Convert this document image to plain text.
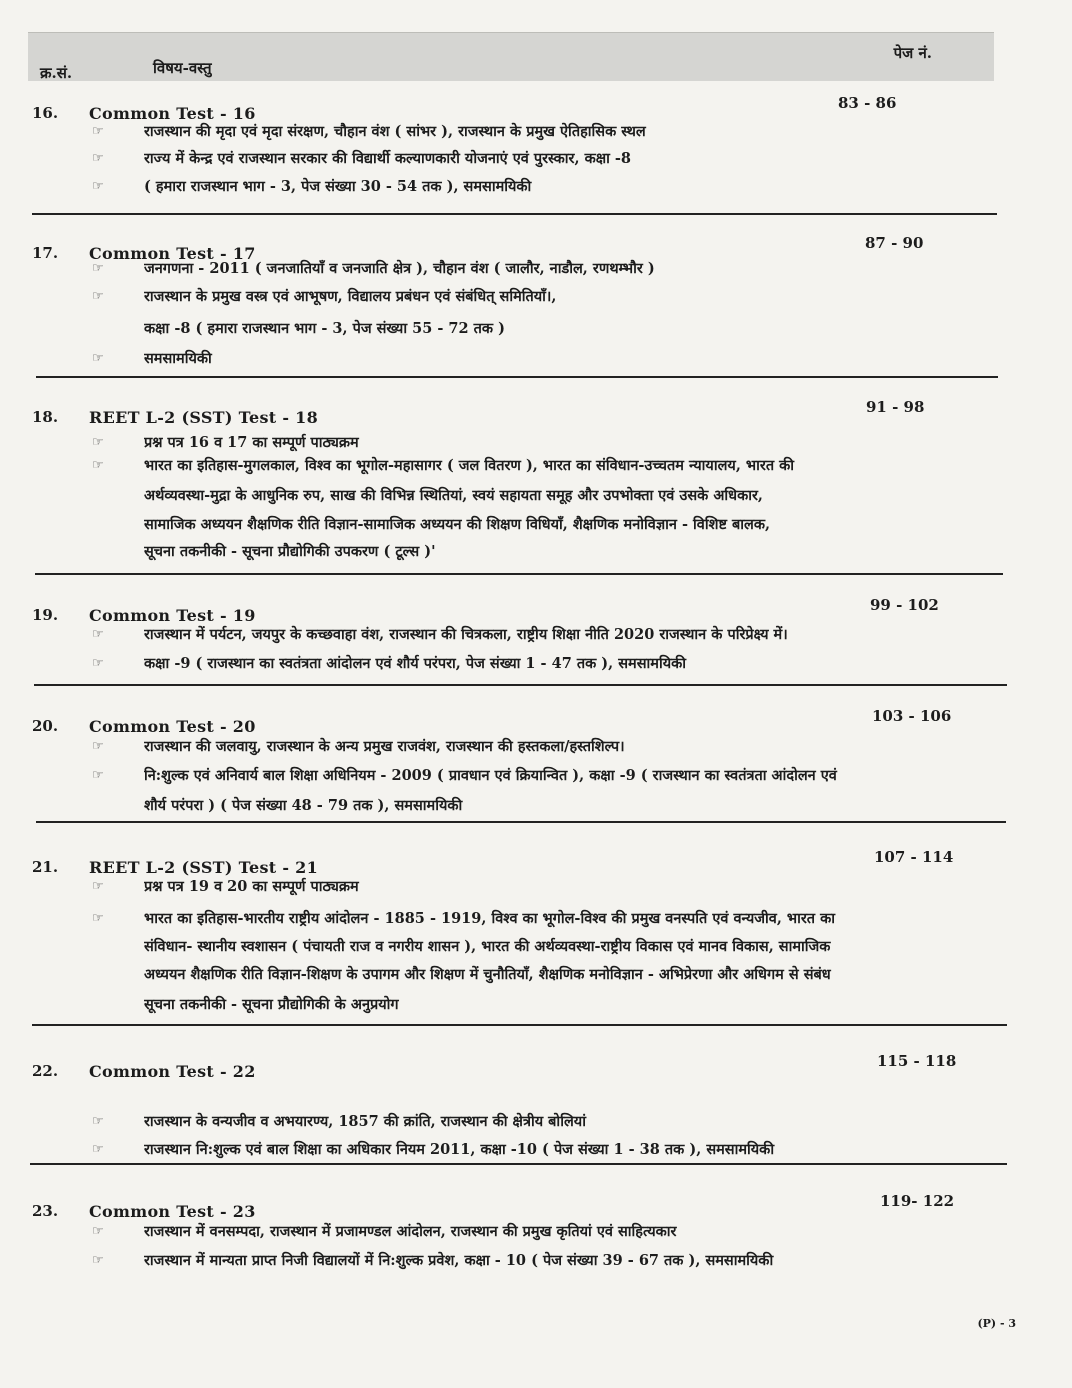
क्र.सं.	विषय-वस्तु
पेज नं.
16. Common Test - 16
83 - 86
☞	राजस्थान की मृदा एवं मृदा संरक्षण, चौहान वंश ( सांभर ), राजस्थान के प्रमुख ऐतिहासिक स्थल
☞	राज्य में केन्द्र एवं राजस्थान सरकार की विद्यार्थी कल्याणकारी योजनाएं एवं पुरस्कार, कक्षा -8
☞	( हमारा राजस्थान भाग - 3, पेज संख्या 30 - 54 तक ), समसामयिकी
17. Common Test - 17
87 - 90
☞	जनगणना - 2011 ( जनजातियाँ व जनजाति क्षेत्र ), चौहान वंश ( जालौर, नाडौल, रणथम्भौर )
☞	राजस्थान के प्रमुख वस्त्र एवं आभूषण, विद्यालय प्रबंधन एवं संबंधित् समितियाँ।,
कक्षा -8 ( हमारा राजस्थान भाग - 3, पेज संख्या 55 - 72 तक )
☞	समसामयिकी
18. REET L-2 (SST) Test - 18
91 - 98
☞	प्रश्न पत्र 16 व 17 का सम्पूर्ण पाठ्यक्रम
☞	भारत का इतिहास-मुगलकाल, विश्व का भूगोल-महासागर ( जल वितरण ), भारत का संविधान-उच्चतम न्यायालय, भारत की
अर्थव्यवस्था-मुद्रा के आधुनिक रुप, साख की विभिन्न स्थितियां, स्वयं सहायता समूह और उपभोक्ता एवं उसके अधिकार,
सामाजिक अध्ययन शैक्षणिक रीति विज्ञान-सामाजिक अध्ययन की शिक्षण विधियाँ, शैक्षणिक मनोविज्ञान - विशिष्ट बालक,
सूचना तकनीकी - सूचना प्रौद्योगिकी उपकरण ( टूल्स )'
19. Common Test - 19
99 - 102
☞	राजस्थान में पर्यटन, जयपुर के कच्छवाहा वंश, राजस्थान की चित्रकला, राष्ट्रीय शिक्षा नीति 2020 राजस्थान के परिप्रेक्ष्य में।
☞	कक्षा -9 ( राजस्थान का स्वतंत्रता आंदोलन एवं शौर्य परंपरा, पेज संख्या 1 - 47 तक ), समसामयिकी
20. Common Test - 20
103 - 106
☞	राजस्थान की जलवायु, राजस्थान के अन्य प्रमुख राजवंश, राजस्थान की हस्तकला/हस्तशिल्प।
☞	नि:शुल्क एवं अनिवार्य बाल शिक्षा अधिनियम - 2009 ( प्रावधान एवं क्रियान्वित ), कक्षा -9 ( राजस्थान का स्वतंत्रता आंदोलन एवं
शौर्य परंपरा ) ( पेज संख्या 48 - 79 तक ), समसामयिकी
21. REET L-2 (SST) Test - 21
107 - 114
☞	प्रश्न पत्र 19 व 20 का सम्पूर्ण पाठ्यक्रम
☞	भारत का इतिहास-भारतीय राष्ट्रीय आंदोलन - 1885 - 1919, विश्व का भूगोल-विश्व की प्रमुख वनस्पति एवं वन्यजीव, भारत का
संविधान- स्थानीय स्वशासन ( पंचायती राज व नगरीय शासन ), भारत की अर्थव्यवस्था-राष्ट्रीय विकास एवं मानव विकास, सामाजिक
अध्ययन शैक्षणिक रीति विज्ञान-शिक्षण के उपागम और शिक्षण में चुनौतियाँ, शैक्षणिक मनोविज्ञान - अभिप्रेरणा और अधिगम से संबंध
सूचना तकनीकी - सूचना प्रौद्योगिकी के अनुप्रयोग
22. Common Test - 22
115 - 118
☞	राजस्थान के वन्यजीव व अभयारण्य, 1857 की क्रांति, राजस्थान की क्षेत्रीय बोलियां
☞	राजस्थान नि:शुल्क एवं बाल शिक्षा का अधिकार नियम 2011, कक्षा -10 ( पेज संख्या 1 - 38 तक ), समसामयिकी
23. Common Test - 23
119- 122
☞	राजस्थान में वनसम्पदा, राजस्थान में प्रजामण्डल आंदोलन, राजस्थान की प्रमुख कृतियां एवं साहित्यकार
☞	राजस्थान में मान्यता प्राप्त निजी विद्यालयों में नि:शुल्क प्रवेश, कक्षा - 10 ( पेज संख्या 39 - 67 तक ), समसामयिकी
(P) - 3
